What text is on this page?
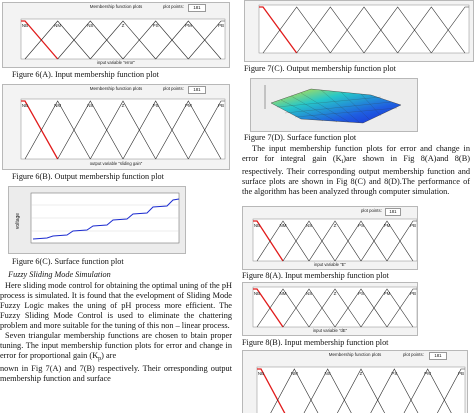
Membership function plots	plot points:	181
NB	NM	NS	Z	PS	PM	PB
input variable "error"
Figure 6(A). Input membership function plot
Membership function plots	plot points:	181
NB	NM	NS	Z	PS	PM	PB
output variable "sliding gain"
Figure 6(B). Output membership function plot
voltage
Figure 6(C). Surface function plot
Fuzzy Sliding Mode Simulation

Here sliding mode control for obtaining the optimal uning of the pH process is simulated. It is found that the evelopment of Sliding Mode Fuzzy Logic makes the uning of pH process more efficient. The Fuzzy Sliding Mode Control is used to eliminate the chattering problem and more suitable for the tuning of this non – linear process.

Seven triangular membership functions are chosen to btain proper tuning. The input membership function plots for error and change in error for proportional gain $(K_p)$ are

nown in Fig 7(A) and 7(B) respectively. Their orresponding output membership function and surface

Figure 7(C). Output membership function plot
Figure 7(D). Surface function plot

The input membership function plots for error and change in error for integral gain $(K_i)are$ shown in Fig 8(A)and 8(B) respectively. Their corresponding output membership function and surface plots are shown in Fig 8(C) and 8(D).The performance of the algorithm has been analyzed through computer simulation.

plot points:	181
NB	NM	NS	Z	PS	PM	PB
input variable "E"
Figure 8(A). Input membership function plot
NB	NM	NS	Z	PS	PM	PB
input variable "dE"
Figure 8(B). Input membership function plot
Membership function plots	plot points:	181
NB	NM	NS	Z	PS	PM	PB
